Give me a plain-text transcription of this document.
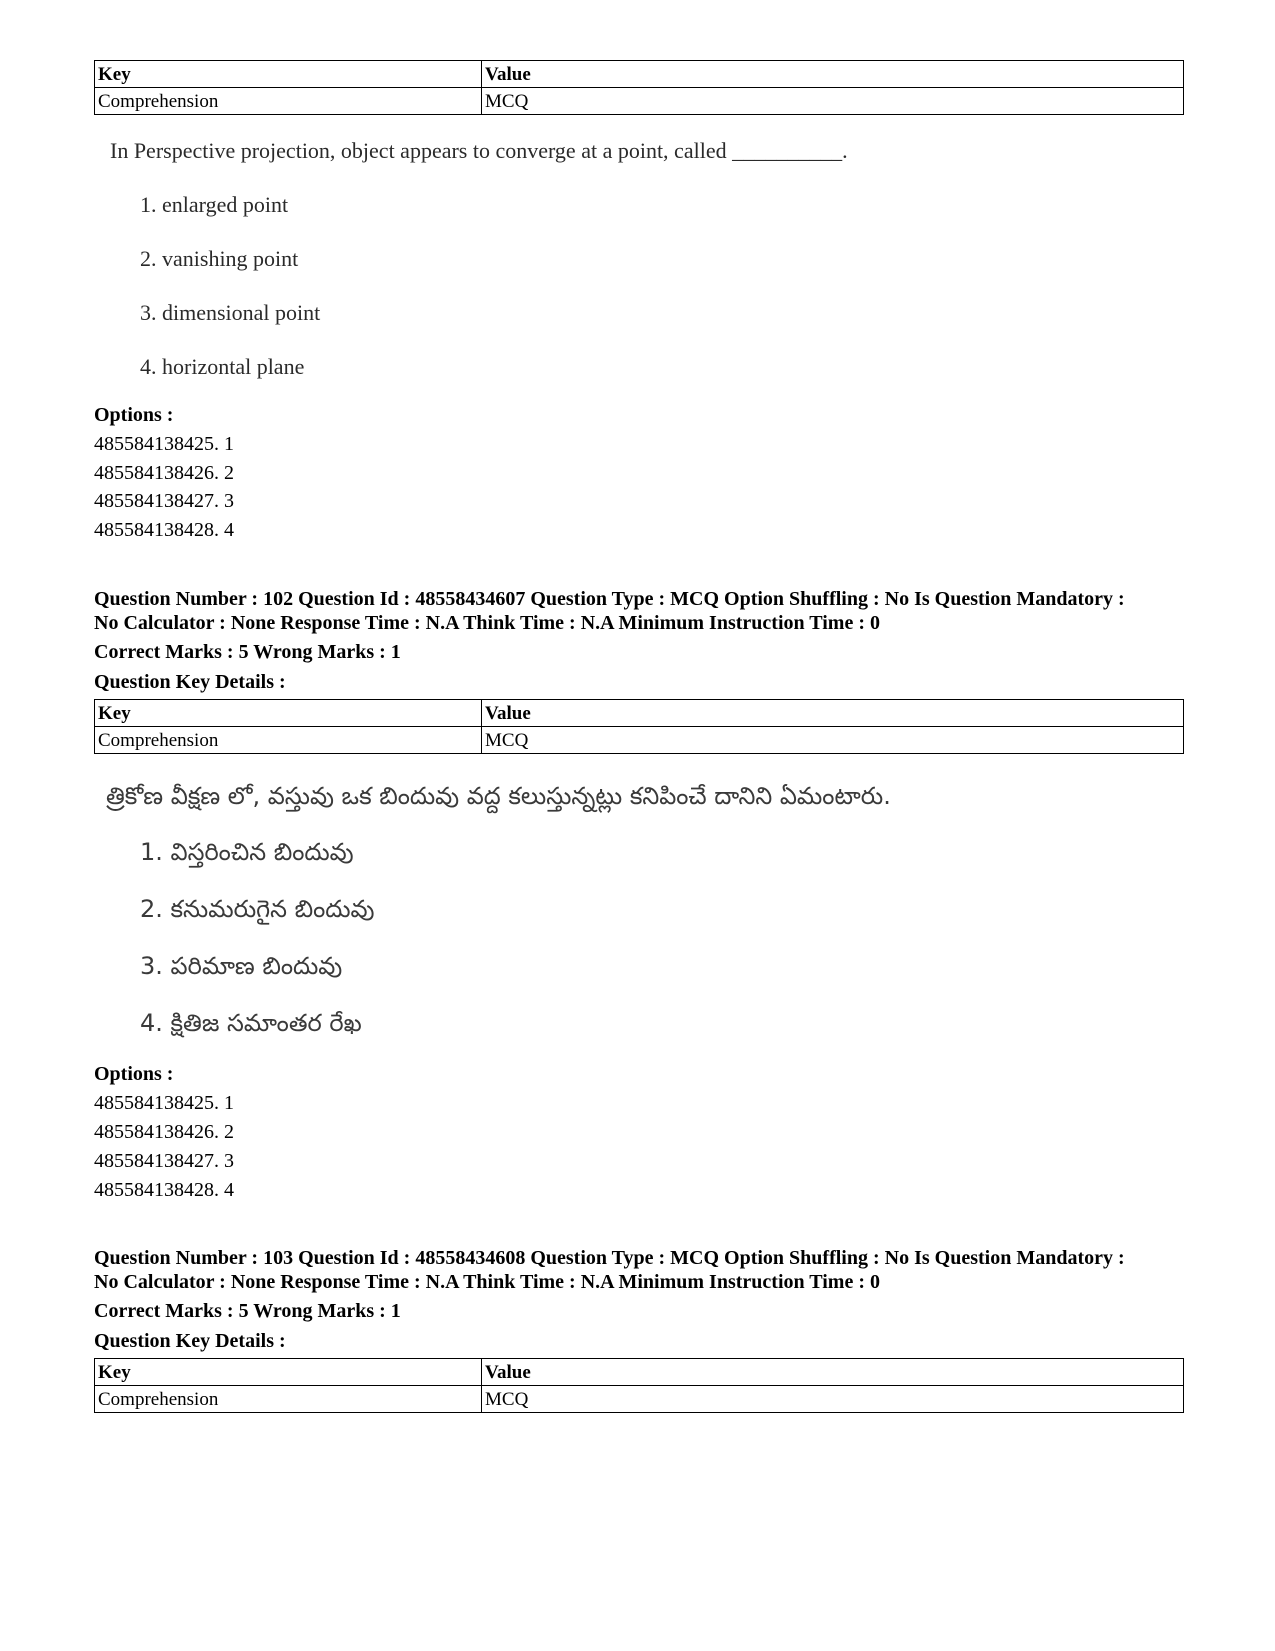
Key	Value
Comprehension	MCQ
In Perspective projection, object appears to converge at a point, called __________.
1. enlarged point
2. vanishing point
3. dimensional point
4. horizontal plane
Options :
485584138425. 1
485584138426. 2
485584138427. 3
485584138428. 4
Question Number : 102 Question Id : 48558434607 Question Type : MCQ Option Shuffling : No Is Question Mandatory :
No Calculator : None Response Time : N.A Think Time : N.A Minimum Instruction Time : 0
Correct Marks : 5 Wrong Marks : 1
Question Key Details :
Key	Value
Comprehension	MCQ
త్రికోణ వీక్షణ లో, వస్తువు ఒక బిందువు వద్ద కలుస్తున్నట్లు కనిపించే దానిని ఏమంటారు.
1. విస్తరించిన బిందువు
2. కనుమరుగైన బిందువు
3. పరిమాణ బిందువు
4. క్షితిజ సమాంతర రేఖ
Options :
485584138425. 1
485584138426. 2
485584138427. 3
485584138428. 4
Question Number : 103 Question Id : 48558434608 Question Type : MCQ Option Shuffling : No Is Question Mandatory :
No Calculator : None Response Time : N.A Think Time : N.A Minimum Instruction Time : 0
Correct Marks : 5 Wrong Marks : 1
Question Key Details :
Key	Value
Comprehension	MCQ
